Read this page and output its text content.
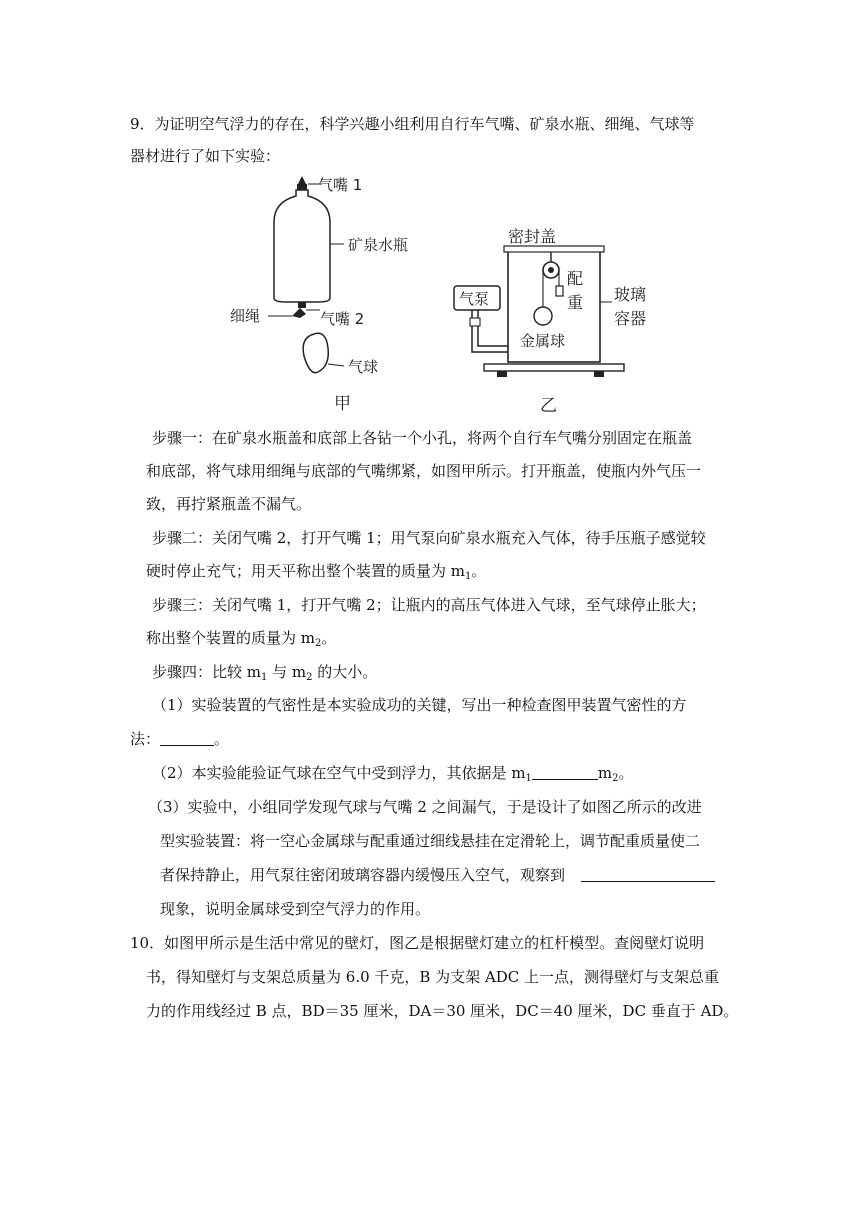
9．为证明空气浮力的存在，科学兴趣小组利用自行车气嘴、矿泉水瓶、细绳、气球等
器材进行了如下实验：
气嘴 1
矿泉水瓶
细绳	气嘴 2
气球
甲
密封盖
配
重
金属球
玻璃
容器
气泵
乙
步骤一：在矿泉水瓶盖和底部上各钻一个小孔，将两个自行车气嘴分别固定在瓶盖
和底部，将气球用细绳与底部的气嘴绑紧，如图甲所示。打开瓶盖，使瓶内外气压一
致，再拧紧瓶盖不漏气。
步骤二：关闭气嘴 2，打开气嘴 1；用气泵向矿泉水瓶充入气体，待手压瓶子感觉较
硬时停止充气；用天平称出整个装置的质量为 $m_1$。
步骤三：关闭气嘴 1，打开气嘴 2；让瓶内的高压气体进入气球，至气球停止胀大；
称出整个装置的质量为 $m_2$。
步骤四：比较 $m_1$ 与 $m_2$ 的大小。
（1）实验装置的气密性是本实验成功的关键，写出一种检查图甲装置气密性的方
法：	。
（2）本实验能验证气球在空气中受到浮力，其依据是 $m_1$	$m_2$。
（3）实验中，小组同学发现气球与气嘴 2 之间漏气，于是设计了如图乙所示的改进
型实验装置：将一空心金属球与配重通过细线悬挂在定滑轮上，调节配重质量使二
者保持静止，用气泵往密闭玻璃容器内缓慢压入空气，观察到
现象，说明金属球受到空气浮力的作用。
10．如图甲所示是生活中常见的壁灯，图乙是根据壁灯建立的杠杆模型。查阅壁灯说明
书，得知壁灯与支架总质量为 6.0 千克，B 为支架 ADC 上一点，测得壁灯与支架总重
力的作用线经过 B 点，BD＝35 厘米，DA＝30 厘米，DC＝40 厘米，DC 垂直于 AD。
